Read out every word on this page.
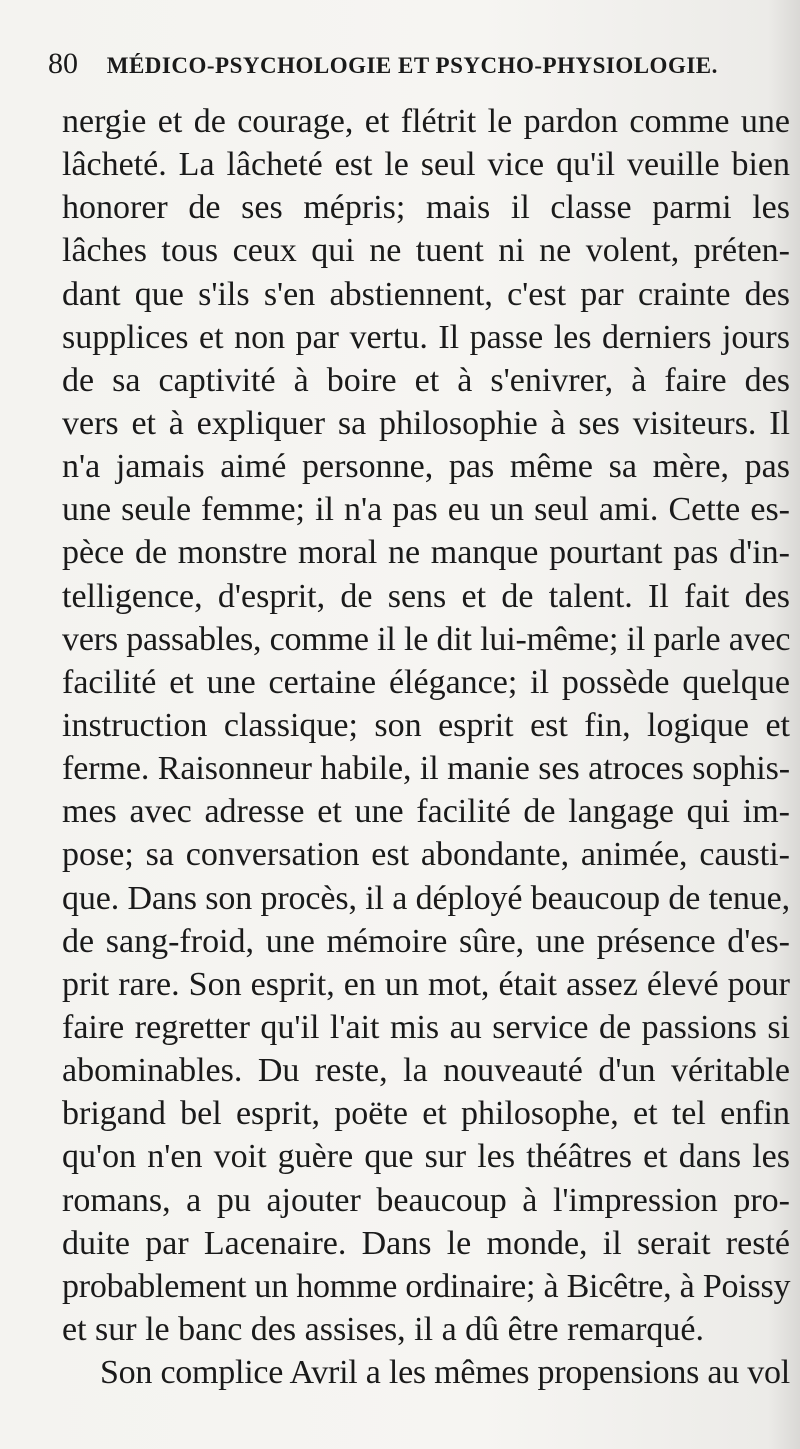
80 MÉDICO-PSYCHOLOGIE ET PSYCHO-PHYSIOLOGIE.
nergie et de courage, et flétrit le pardon comme une
lâcheté. La lâcheté est le seul vice qu'il veuille bien
honorer de ses mépris; mais il classe parmi les
lâches tous ceux qui ne tuent ni ne volent, préten-
dant que s'ils s'en abstiennent, c'est par crainte des
supplices et non par vertu. Il passe les derniers jours
de sa captivité à boire et à s'enivrer, à faire des
vers et à expliquer sa philosophie à ses visiteurs. Il
n'a jamais aimé personne, pas même sa mère, pas
une seule femme; il n'a pas eu un seul ami. Cette es-
pèce de monstre moral ne manque pourtant pas d'in-
telligence, d'esprit, de sens et de talent. Il fait des
vers passables, comme il le dit lui-même; il parle avec
facilité et une certaine élégance; il possède quelque
instruction classique; son esprit est fin, logique et
ferme. Raisonneur habile, il manie ses atroces sophis-
mes avec adresse et une facilité de langage qui im-
pose; sa conversation est abondante, animée, causti-
que. Dans son procès, il a déployé beaucoup de tenue,
de sang-froid, une mémoire sûre, une présence d'es-
prit rare. Son esprit, en un mot, était assez élevé pour
faire regretter qu'il l'ait mis au service de passions si
abominables. Du reste, la nouveauté d'un véritable
brigand bel esprit, poëte et philosophe, et tel enfin
qu'on n'en voit guère que sur les théâtres et dans les
romans, a pu ajouter beaucoup à l'impression pro-
duite par Lacenaire. Dans le monde, il serait resté
probablement un homme ordinaire; à Bicêtre, à Poissy
et sur le banc des assises, il a dû être remarqué.
Son complice Avril a les mêmes propensions au vol
